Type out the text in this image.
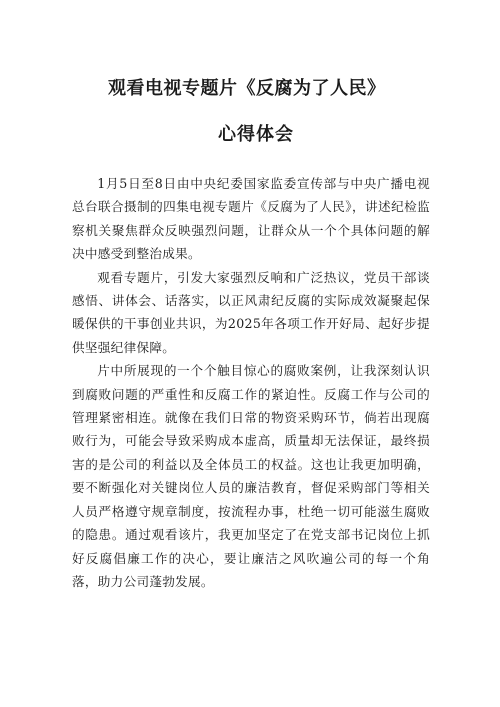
观看电视专题片《反腐为了人民》
心得体会

1月5日至8日由中央纪委国家监委宣传部与中央广播电视总台联合摄制的四集电视专题片《反腐为了人民》，讲述纪检监察机关聚焦群众反映强烈问题，让群众从一个个具体问题的解决中感受到整治成果。

观看专题片，引发大家强烈反响和广泛热议，党员干部谈感悟、讲体会、话落实，以正风肃纪反腐的实际成效凝聚起保暖保供的干事创业共识，为2025年各项工作开好局、起好步提供坚强纪律保障。

片中所展现的一个个触目惊心的腐败案例，让我深刻认识到腐败问题的严重性和反腐工作的紧迫性。反腐工作与公司的管理紧密相连。就像在我们日常的物资采购环节，倘若出现腐败行为，可能会导致采购成本虚高，质量却无法保证，最终损害的是公司的利益以及全体员工的权益。这也让我更加明确，要不断强化对关键岗位人员的廉洁教育，督促采购部门等相关人员严格遵守规章制度，按流程办事，杜绝一切可能滋生腐败的隐患。通过观看该片，我更加坚定了在党支部书记岗位上抓好反腐倡廉工作的决心，要让廉洁之风吹遍公司的每一个角落，助力公司蓬勃发展。
